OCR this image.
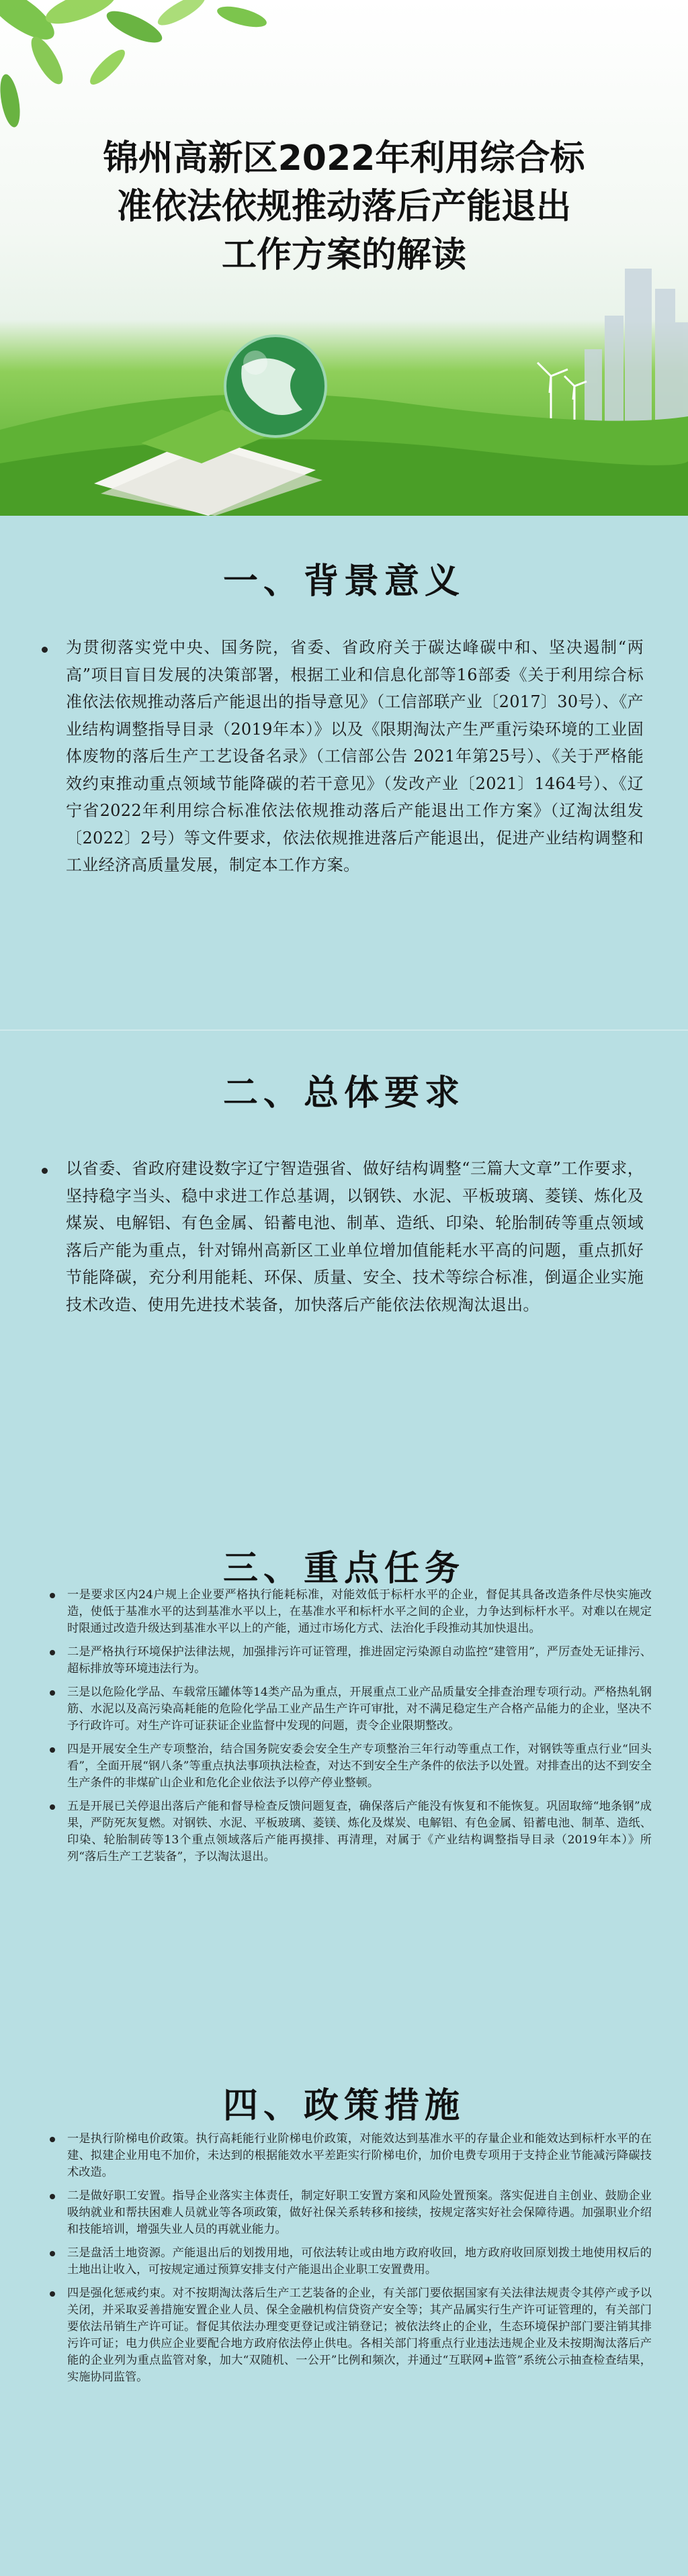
锦州高新区2022年利用综合标
准依法依规推动落后产能退出
工作方案的解读
一、背景意义
为贯彻落实党中央、国务院，省委、省政府关于碳达峰碳中和、坚决遏制“两高”项目盲目发展的决策部署，根据工业和信息化部等16部委《关于利用综合标准依法依规推动落后产能退出的指导意见》（工信部联产业〔2017〕30号）、《产业结构调整指导目录（2019年本）》以及《限期淘汰产生严重污染环境的工业固体废物的落后生产工艺设备名录》（工信部公告 2021年第25号）、《关于严格能效约束推动重点领域节能降碳的若干意见》（发改产业〔2021〕1464号）、《辽宁省2022年利用综合标准依法依规推动落后产能退出工作方案》（辽淘汰组发〔2022〕2号）等文件要求，依法依规推进落后产能退出，促进产业结构调整和工业经济高质量发展，制定本工作方案。
二、总体要求
以省委、省政府建设数字辽宁智造强省、做好结构调整“三篇大文章”工作要求，坚持稳字当头、稳中求进工作总基调，以钢铁、水泥、平板玻璃、菱镁、炼化及煤炭、电解铝、有色金属、铅蓄电池、制革、造纸、印染、轮胎制砖等重点领域落后产能为重点，针对锦州高新区工业单位增加值能耗水平高的问题，重点抓好节能降碳，充分利用能耗、环保、质量、安全、技术等综合标准，倒逼企业实施技术改造、使用先进技术装备，加快落后产能依法依规淘汰退出。
三、重点任务
一是要求区内24户规上企业要严格执行能耗标准，对能效低于标杆水平的企业，督促其具备改造条件尽快实施改造，使低于基准水平的达到基准水平以上，在基准水平和标杆水平之间的企业，力争达到标杆水平。对难以在规定时限通过改造升级达到基准水平以上的产能，通过市场化方式、法治化手段推动其加快退出。
二是严格执行环境保护法律法规，加强排污许可证管理，推进固定污染源自动监控“建管用”，严厉查处无证排污、超标排放等环境违法行为。
三是以危险化学品、车载常压罐体等14类产品为重点，开展重点工业产品质量安全排查治理专项行动。严格热轧钢筋、水泥以及高污染高耗能的危险化学品工业产品生产许可审批，对不满足稳定生产合格产品能力的企业，坚决不予行政许可。对生产许可证获证企业监督中发现的问题，责令企业限期整改。
四是开展安全生产专项整治，结合国务院安委会安全生产专项整治三年行动等重点工作，对钢铁等重点行业“回头看”，全面开展“钢八条”等重点执法事项执法检查，对达不到安全生产条件的依法予以处置。对排查出的达不到安全生产条件的非煤矿山企业和危化企业依法予以停产停业整顿。
五是开展已关停退出落后产能和督导检查反馈问题复查，确保落后产能没有恢复和不能恢复。巩固取缔“地条钢”成果，严防死灰复燃。对钢铁、水泥、平板玻璃、菱镁、炼化及煤炭、电解铝、有色金属、铅蓄电池、制革、造纸、印染、轮胎制砖等13个重点领域落后产能再摸排、再清理，对属于《产业结构调整指导目录（2019年本）》所列“落后生产工艺装备”，予以淘汰退出。
四、政策措施
一是执行阶梯电价政策。执行高耗能行业阶梯电价政策，对能效达到基准水平的存量企业和能效达到标杆水平的在建、拟建企业用电不加价，未达到的根据能效水平差距实行阶梯电价，加价电费专项用于支持企业节能减污降碳技术改造。
二是做好职工安置。指导企业落实主体责任，制定好职工安置方案和风险处置预案。落实促进自主创业、鼓励企业吸纳就业和帮扶困难人员就业等各项政策，做好社保关系转移和接续，按规定落实好社会保障待遇。加强职业介绍和技能培训，增强失业人员的再就业能力。
三是盘活土地资源。产能退出后的划拨用地，可依法转让或由地方政府收回，地方政府收回原划拨土地使用权后的土地出让收入，可按规定通过预算安排支付产能退出企业职工安置费用。
四是强化惩戒约束。对不按期淘汰落后生产工艺装备的企业，有关部门要依据国家有关法律法规责令其停产或予以关闭，并采取妥善措施安置企业人员、保全金融机构信贷资产安全等；其产品属实行生产许可证管理的，有关部门要依法吊销生产许可证。督促其依法办理变更登记或注销登记；被依法终止的企业，生态环境保护部门要注销其排污许可证；电力供应企业要配合地方政府依法停止供电。各相关部门将重点行业违法违规企业及未按期淘汰落后产能的企业列为重点监管对象，加大“双随机、一公开”比例和频次，并通过“互联网+监管”系统公示抽查检查结果，实施协同监管。
